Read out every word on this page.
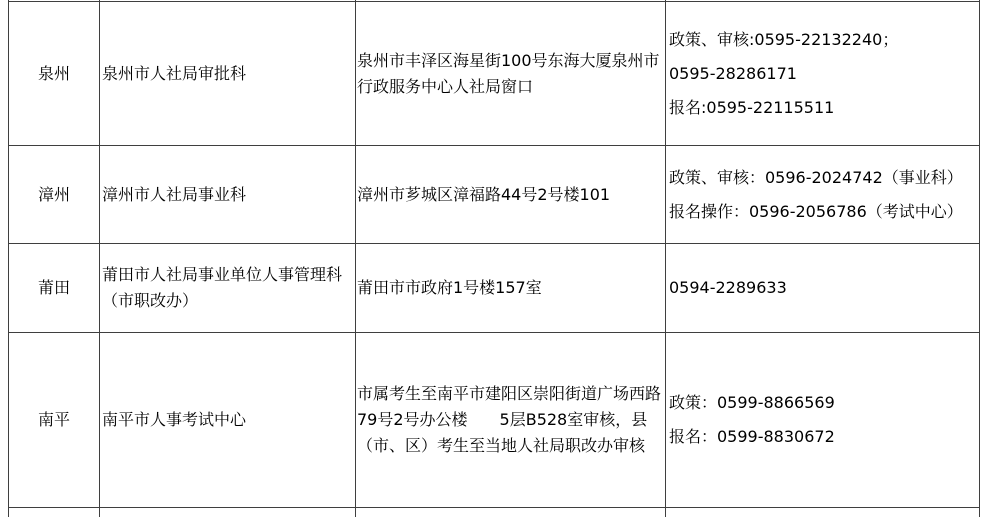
泉州	泉州市人社局审批科	泉州市丰泽区海星街100号东海大厦泉州市行政服务中心人社局窗口	政策、审核:0595-22132240；

0595-28286171

报名:0595-22115511

漳州	漳州市人社局事业科	漳州市芗城区漳福路44号2号楼101	政策、审核：0596-2024742（事业科）

报名操作：0596-2056786（考试中心）

莆田	莆田市人社局事业单位人事管理科（市职改办）	莆田市市政府1号楼157室	0594-2289633

南平	南平市人事考试中心	市属考生至南平市建阳区崇阳街道广场西路79号2号办公楼　　5层B528室审核，县（市、区）考生至当地人社局职改办审核	政策：0599-8866569

报名：0599-8830672
